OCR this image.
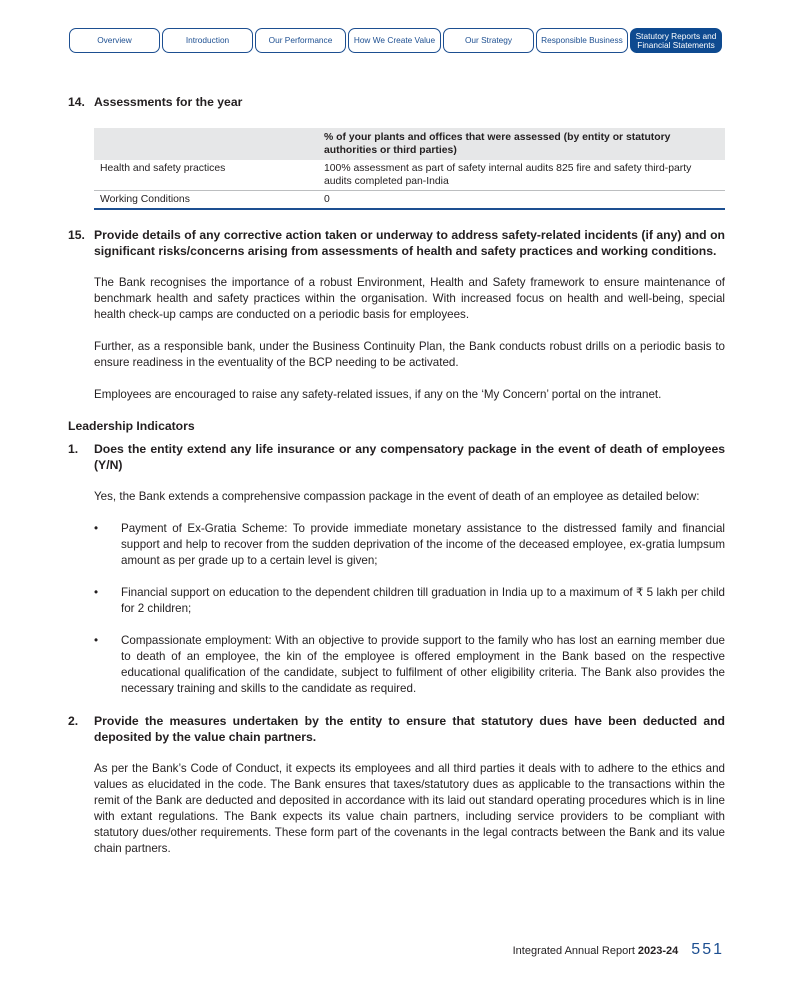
Overview	Introduction	Our Performance	How We Create Value	Our Strategy	Responsible Business	Statutory Reports and Financial Statements
14. Assessments for the year
	% of your plants and offices that were assessed (by entity or statutory authorities or third parties)
Health and safety practices	100% assessment as part of safety internal audits 825 fire and safety third-party audits completed pan-India
Working Conditions	0
15. Provide details of any corrective action taken or underway to address safety-related incidents (if any) and on significant risks/concerns arising from assessments of health and safety practices and working conditions.

The Bank recognises the importance of a robust Environment, Health and Safety framework to ensure maintenance of benchmark health and safety practices within the organisation. With increased focus on health and well-being, special health check-up camps are conducted on a periodic basis for employees.

Further, as a responsible bank, under the Business Continuity Plan, the Bank conducts robust drills on a periodic basis to ensure readiness in the eventuality of the BCP needing to be activated.

Employees are encouraged to raise any safety-related issues, if any on the ‘My Concern’ portal on the intranet.

Leadership Indicators
1.	Does the entity extend any life insurance or any compensatory package in the event of death of employees (Y/N)

Yes, the Bank extends a comprehensive compassion package in the event of death of an employee as detailed below:

•	Payment of Ex-Gratia Scheme: To provide immediate monetary assistance to the distressed family and financial support and help to recover from the sudden deprivation of the income of the deceased employee, ex-gratia lumpsum amount as per grade up to a certain level is given;
•	Financial support on education to the dependent children till graduation in India up to a maximum of ₹ 5 lakh per child for 2 children;
•	Compassionate employment: With an objective to provide support to the family who has lost an earning member due to death of an employee, the kin of the employee is offered employment in the Bank based on the respective educational qualification of the candidate, subject to fulfilment of other eligibility criteria. The Bank also provides the necessary training and skills to the candidate as required.
2.	Provide the measures undertaken by the entity to ensure that statutory dues have been deducted and deposited by the value chain partners.

As per the Bank’s Code of Conduct, it expects its employees and all third parties it deals with to adhere to the ethics and values as elucidated in the code. The Bank ensures that taxes/statutory dues as applicable to the transactions within the remit of the Bank are deducted and deposited in accordance with its laid out standard operating procedures which is in line with extant regulations. The Bank expects its value chain partners, including service providers to be compliant with statutory dues/other requirements. These form part of the covenants in the legal contracts between the Bank and its value chain partners.

Integrated Annual Report 2023-24 551
